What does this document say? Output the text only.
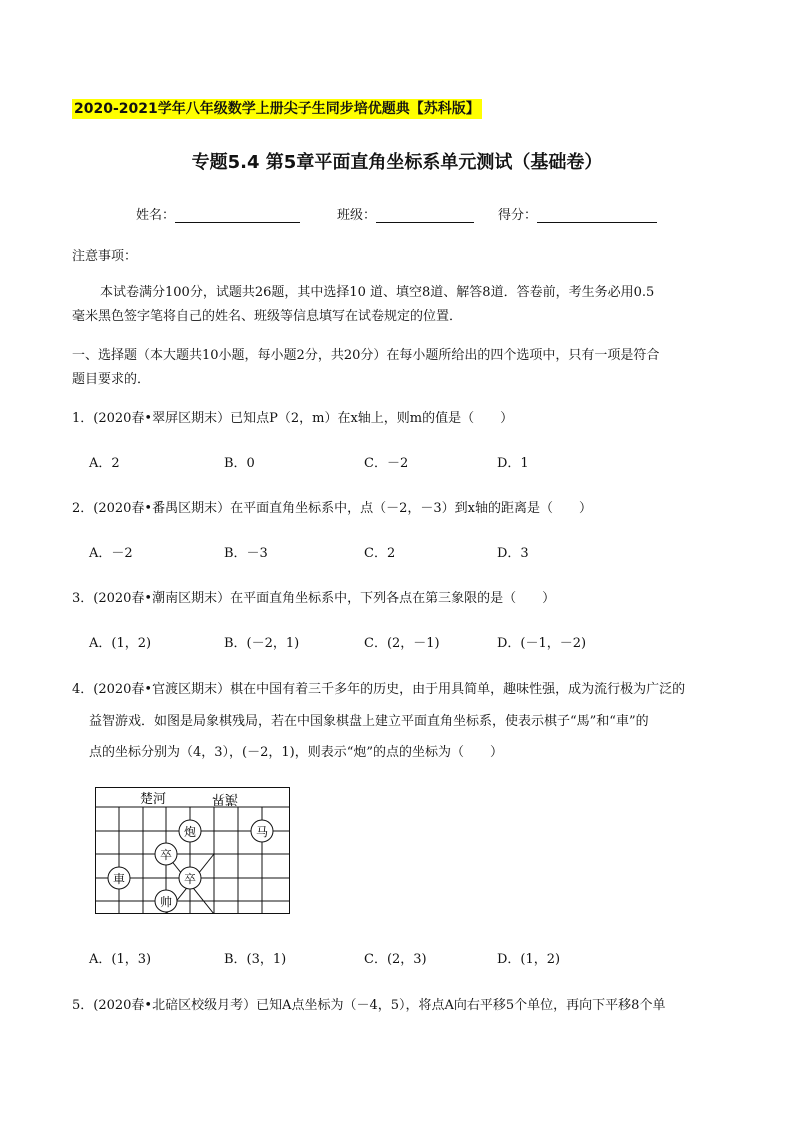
2020-2021学年八年级数学上册尖子生同步培优题典【苏科版】
专题5.4 第5章平面直角坐标系单元测试（基础卷）
姓名：	班级：	得分：
注意事项：
本试卷满分100分，试题共26题，其中选择10 道、填空8道、解答8道．答卷前，考生务必用0.5
毫米黑色签字笔将自己的姓名、班级等信息填写在试卷规定的位置．
一、选择题（本大题共10小题，每小题2分，共20分）在每小题所给出的四个选项中，只有一项是符合
题目要求的．
1．(2020春•翠屏区期末）已知点P（2，m）在x轴上，则m的值是（　　）
A．2	B．0	C．－2	D．1
2．(2020春•番禺区期末）在平面直角坐标系中，点（－2，－3）到x轴的距离是（　　）
A．－2	B．－3	C．2	D．3
3．(2020春•潮南区期末）在平面直角坐标系中，下列各点在第三象限的是（　　）
A．(1，2)	B．(－2，1)	C．(2，－1)	D．(－1，－2)
4．(2020春•官渡区期末）棋在中国有着三千多年的历史，由于用具简单，趣味性强，成为流行极为广泛的
益智游戏．如图是局象棋残局，若在中国象棋盘上建立平面直角坐标系，使表示棋子“馬”和“車”的
点的坐标分别为（4，3），(－2，1)，则表示“炮”的点的坐标为（　　）
楚河	漢界
炮	马
卒
車	卒
帅
A．(1，3)	B．(3，1)	C．(2，3)	D．(1，2)
5．(2020春•北碚区校级月考）已知A点坐标为（－4，5），将点A向右平移5个单位，再向下平移8个单
